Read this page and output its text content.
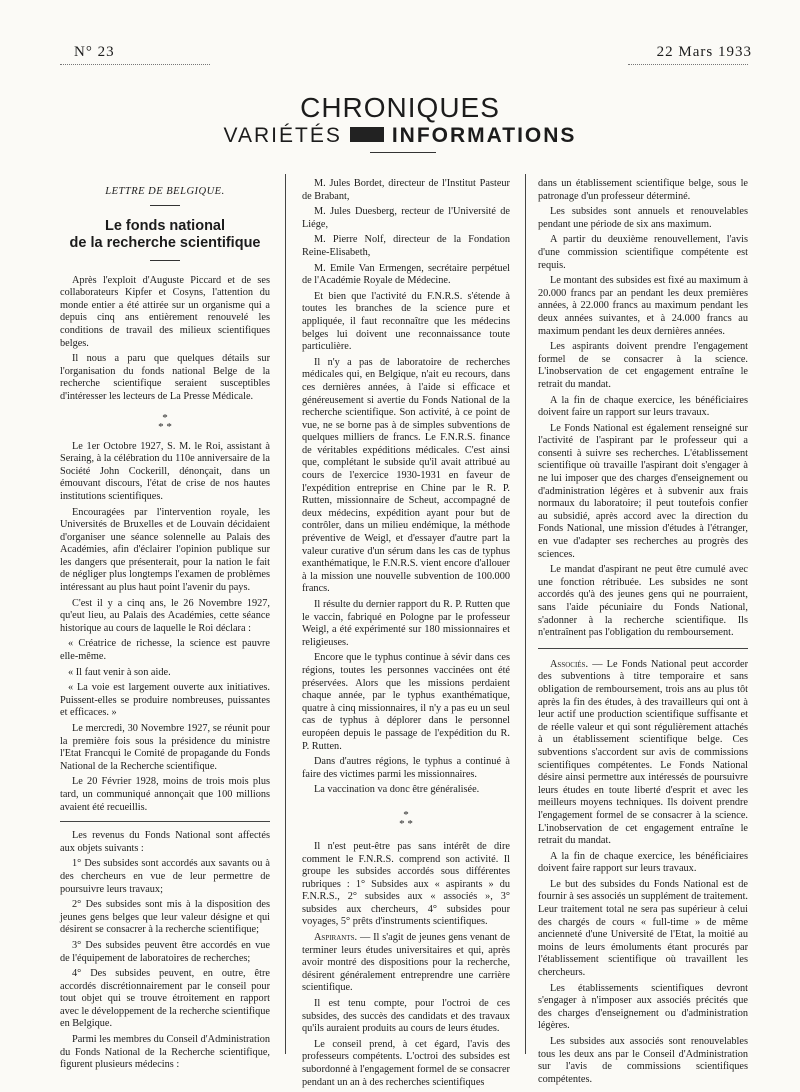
N° 23	22 Mars 1933
CHRONIQUES
VARIÉTÉS INFORMATIONS
LETTRE DE BELGIQUE.
Le fonds national
de la recherche scientifique

Après l'exploit d'Auguste Piccard et de ses collaborateurs Kipfer et Cosyns, l'attention du monde entier a été attirée sur un organisme qui a depuis cinq ans entièrement renouvelé les conditions de travail des milieux scientifiques belges.

Il nous a paru que quelques détails sur l'organisation du fonds national Belge de la recherche scientifique seraient susceptibles d'intéresser les lecteurs de La Presse Médicale.

*
* *

Le 1er Octobre 1927, S. M. le Roi, assistant à Seraing, à la célébration du 110e anniversaire de la Société John Cockerill, dénonçait, dans un émouvant discours, l'état de crise de nos hautes institutions scientifiques.

Encouragées par l'intervention royale, les Universités de Bruxelles et de Louvain décidaient d'organiser une séance solennelle au Palais des Académies, afin d'éclairer l'opinion publique sur les dangers que présenterait, pour la nation le fait de négliger plus longtemps l'examen de problèmes intéressant au plus haut point l'avenir du pays.

C'est il y a cinq ans, le 26 Novembre 1927, qu'eut lieu, au Palais des Académies, cette séance historique au cours de laquelle le Roi déclara :

« Créatrice de richesse, la science est pauvre elle-même.

« Il faut venir à son aide.

« La voie est largement ouverte aux initiatives. Puissent-elles se produire nombreuses, puissantes et efficaces. »

Le mercredi, 30 Novembre 1927, se réunit pour la première fois sous la présidence du ministre l'Etat Francqui le Comité de propagande du Fonds National de la Recherche scientifique.

Le 20 Février 1928, moins de trois mois plus tard, un communiqué annonçait que 100 millions avaient été recueillis.

Les revenus du Fonds National sont affectés aux objets suivants :

1° Des subsides sont accordés aux savants ou à des chercheurs en vue de leur permettre de poursuivre leurs travaux;

2° Des subsides sont mis à la disposition des jeunes gens belges que leur valeur désigne et qui désirent se consacrer à la recherche scientifique;

3° Des subsides peuvent être accordés en vue de l'équipement de laboratoires de recherches;

4° Des subsides peuvent, en outre, être accordés discrétionnairement par le conseil pour tout objet qui se trouve étroitement en rapport avec le développement de la recherche scientifique en Belgique.

Parmi les membres du Conseil d'Administration du Fonds National de la Recherche scientifique, figurent plusieurs médecins :

M. Jules Bordet, directeur de l'Institut Pasteur de Brabant,

M. Jules Duesberg, recteur de l'Université de Liége,

M. Pierre Nolf, directeur de la Fondation Reine-Elisabeth,

M. Emile Van Ermengen, secrétaire perpétuel de l'Académie Royale de Médecine.

Et bien que l'activité du F.N.R.S. s'étende à toutes les branches de la science pure et appliquée, il faut reconnaître que les médecins belges lui doivent une reconnaissance toute particulière.

Il n'y a pas de laboratoire de recherches médicales qui, en Belgique, n'ait eu recours, dans ces dernières années, à l'aide si efficace et généreusement si avertie du Fonds National de la recherche scientifique. Son activité, à ce point de vue, ne se borne pas à de simples subventions de quelques milliers de francs. Le F.N.R.S. finance de véritables expéditions médicales. C'est ainsi que, complétant le subside qu'il avait attribué au cours de l'exercice 1930-1931 en faveur de l'expédition entreprise en Chine par le R. P. Rutten, missionnaire de Scheut, accompagné de deux médecins, expédition ayant pour but de contrôler, dans un milieu endémique, la méthode préventive de Weigl, et d'essayer d'autre part la valeur curative d'un sérum dans les cas de typhus exanthématique, le F.N.R.S. vient encore d'allouer à la mission une nouvelle subvention de 100.000 francs.

Il résulte du dernier rapport du R. P. Rutten que le vaccin, fabriqué en Pologne par le professeur Weigl, a été expérimenté sur 180 missionnaires et religieuses.

Encore que le typhus continue à sévir dans ces régions, toutes les personnes vaccinées ont été préservées. Alors que les missions perdaient chaque année, par le typhus exanthématique, quatre à cinq missionnaires, il n'y a pas eu un seul cas de typhus à déplorer dans le personnel européen depuis le passage de l'expédition du R. P. Rutten.

Dans d'autres régions, le typhus a continué à faire des victimes parmi les missionnaires.

La vaccination va donc être généralisée.

*
* *

Il n'est peut-être pas sans intérêt de dire comment le F.N.R.S. comprend son activité. Il groupe les subsides accordés sous différentes rubriques : 1° Subsides aux « aspirants » du F.N.R.S., 2° subsides aux « associés », 3° subsides aux chercheurs, 4° subsides pour voyages, 5° prêts d'instruments scientifiques.

Aspirants. — Il s'agit de jeunes gens venant de terminer leurs études universitaires et qui, après avoir montré des dispositions pour la recherche, désirent généralement entreprendre une carrière scientifique.

Il est tenu compte, pour l'octroi de ces subsides, des succès des candidats et des travaux qu'ils auraient produits au cours de leurs études.

Le conseil prend, à cet égard, l'avis des professeurs compétents. L'octroi des subsides est subordonné à l'engagement formel de se consacrer pendant un an à des recherches scientifiques

dans un établissement scientifique belge, sous le patronage d'un professeur déterminé.

Les subsides sont annuels et renouvelables pendant une période de six ans maximum.

A partir du deuxième renouvellement, l'avis d'une commission scientifique compétente est requis.

Le montant des subsides est fixé au maximum à 20.000 francs par an pendant les deux premières années, à 22.000 francs au maximum pendant les deux années suivantes, et à 24.000 francs au maximum pendant les deux dernières années.

Les aspirants doivent prendre l'engagement formel de se consacrer à la science. L'inobservation de cet engagement entraîne le retrait du mandat.

A la fin de chaque exercice, les bénéficiaires doivent faire un rapport sur leurs travaux.

Le Fonds National est également renseigné sur l'activité de l'aspirant par le professeur qui a consenti à suivre ses recherches. L'établissement scientifique où travaille l'aspirant doit s'engager à ne lui imposer que des charges d'enseignement ou d'administration légères et à subvenir aux frais normaux du laboratoire; il peut toutefois confier au subsidié, après accord avec la direction du Fonds National, une mission d'études à l'étranger, en vue d'adapter ses recherches au progrès des sciences.

Le mandat d'aspirant ne peut être cumulé avec une fonction rétribuée. Les subsides ne sont accordés qu'à des jeunes gens qui ne pourraient, sans l'aide pécuniaire du Fonds National, s'adonner à la recherche scientifique. Ils n'entraînent pas l'obligation du remboursement.

Associés. — Le Fonds National peut accorder des subventions à titre temporaire et sans obligation de remboursement, trois ans au plus tôt après la fin des études, à des travailleurs qui ont à leur actif une production scientifique suffisante et de réelle valeur et qui sont régulièrement attachés à un établissement scientifique belge. Ces subventions s'accordent sur avis de commissions scientifiques compétentes. Le Fonds National désire ainsi permettre aux intéressés de poursuivre leurs études en toute liberté d'esprit et avec les meilleurs moyens techniques. Ils doivent prendre l'engagement formel de se consacrer à la science. L'inobservation de cet engagement entraîne le retrait du mandat.

A la fin de chaque exercice, les bénéficiaires doivent faire rapport sur leurs travaux.

Le but des subsides du Fonds National est de fournir à ses associés un supplément de traitement. Leur traitement total ne sera pas supérieur à celui des chargés de cours « full-time » de même ancienneté d'une Université de l'Etat, la moitié au moins de leurs émoluments étant procurés par l'établissement scientifique où travaillent les chercheurs.

Les établissements scientifiques devront s'engager à n'imposer aux associés précités que des charges d'enseignement ou d'administration légères.

Les subsides aux associés sont renouvelables tous les deux ans par le Conseil d'Administration sur l'avis de commissions scientifiques compétentes.
